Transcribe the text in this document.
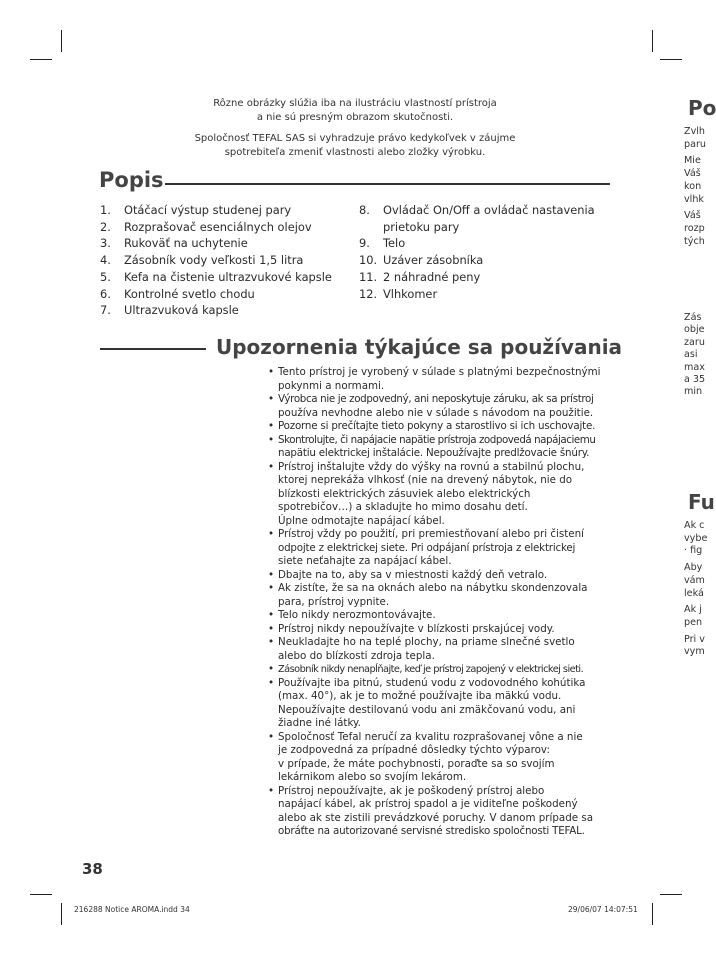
Rôzne obrázky slúžia iba na ilustráciu vlastností prístroja
a nie sú presným obrazom skutočnosti.
Spoločnosť TEFAL SAS si vyhradzuje právo kedykoľvek v záujme
spotrebiteľa zmeniť vlastnosti alebo zložky výrobku.
Popis
1. Otáčací výstup studenej pary
2. Rozprašovač esenciálnych olejov
3. Rukoväť na uchytenie
4. Zásobník vody veľkosti 1,5 litra
5. Kefa na čistenie ultrazvukové kapsle
6. Kontrolné svetlo chodu
7. Ultrazvuková kapsle
8. Ovládač On/Off a ovládač nastavenia
prietoku pary
9. Telo
10. Uzáver zásobníka
11. 2 náhradné peny
12. Vlhkomer
Upozornenia týkajúce sa používania
• Tento prístroj je vyrobený v súlade s platnými bezpečnostnými
pokynmi a normami.
• Výrobca nie je zodpovedný, ani neposkytuje záruku, ak sa prístroj
používa nevhodne alebo nie v súlade s návodom na použitie.
• Pozorne si prečítajte tieto pokyny a starostlivo si ich uschovajte.
• Skontrolujte, či napájacie napätie prístroja zodpovedá napájaciemu
napätiu elektrickej inštalácie. Nepoužívajte predlžovacie šnúry.
• Prístroj inštalujte vždy do výšky na rovnú a stabilnú plochu,
ktorej neprekáža vlhkosť (nie na drevený nábytok, nie do
blízkosti elektrických zásuviek alebo elektrických
spotrebičov…) a skladujte ho mimo dosahu detí.
Úplne odmotajte napájací kábel.
• Prístroj vždy po použití, pri premiestňovaní alebo pri čistení
odpojte z elektrickej siete. Pri odpájaní prístroja z elektrickej
siete neťahajte za napájací kábel.
• Dbajte na to, aby sa v miestnosti každý deň vetralo.
• Ak zistíte, že sa na oknách alebo na nábytku skondenzovala
para, prístroj vypnite.
• Telo nikdy nerozmontovávajte.
• Prístroj nikdy nepoužívajte v blízkosti prskajúcej vody.
• Neukladajte ho na teplé plochy, na priame slnečné svetlo
alebo do blízkosti zdroja tepla.
• Zásobník nikdy nenapĺňajte, keď je prístroj zapojený v elektrickej sieti.
• Používajte iba pitnú, studenú vodu z vodovodného kohútika
(max. 40°), ak je to možné používajte iba mäkkú vodu.
Nepoužívajte destilovanú vodu ani zmäkčovanú vodu, ani
žiadne iné látky.
• Spoločnosť Tefal neručí za kvalitu rozprašovanej vône a nie
je zodpovedná za prípadné dôsledky týchto výparov:
v prípade, že máte pochybnosti, poraďte sa so svojím
lekárnikom alebo so svojím lekárom.
• Prístroj nepoužívajte, ak je poškodený prístroj alebo
napájací kábel, ak prístroj spadol a je viditeľne poškodený
alebo ak ste zistili prevádzkové poruchy. V danom prípade sa
obráťte na autorizované servisné stredisko spoločnosti TEFAL.
38
216288 Notice AROMA.indd 34	29/06/07 14:07:51
Po
Zvlh
paru
Mie
Váš
kon
vlhk
Váš
rozp
tých
Zás
obje
zaru
asi
max
a 35
min
Fu
Ak c
vybe
· fig
Aby
vám
leká
Ak j
pen
Pri v
vym
